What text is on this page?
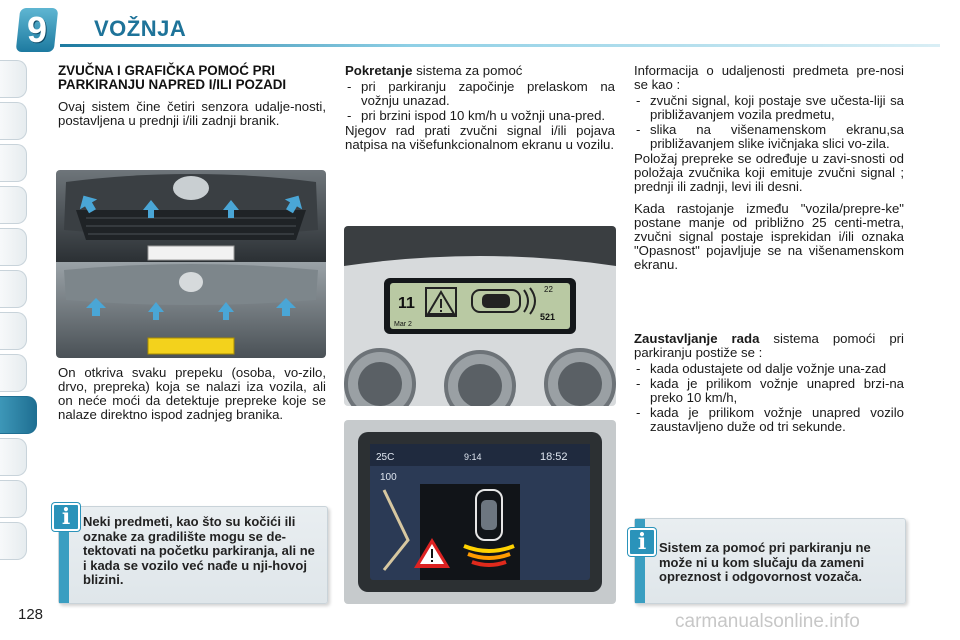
9 VOŽNJA
ZVUČNA I GRAFIČKA POMOĆ PRI PARKIRANJU NAPRED I/ILI POZADI

Ovaj sistem čine četiri senzora udalje-nosti, postavljena u prednji i/ili zadnji branik.

On otkriva svaku prepeku (osoba, vo-zilo, drvo, prepreka) koja se nalazi iza vozila, ali on neće moći da detektuje prepreke koje se nalaze direktno ispod zadnjeg branika.

Neki predmeti, kao što su kočići ili oznake za gradilište mogu se de-tektovati na početku parkiranja, ali ne i kada se vozilo već nađe u nji-hovoj blizini.
i

Pokretanje sistema za pomoć

- pri parkiranju započinje prelaskom na vožnju unazad.
- pri brzini ispod 10 km/h u vožnji una-pred.

Njegov rad prati zvučni signal i/ili pojava natpisa na višefunkcionalnom ekranu u vozilu.

11
Mar 2
22
521
25C	9:14	18:52
100

Informacija o udaljenosti predmeta pre-nosi se kao :

- zvučni signal, koji postaje sve učesta-liji sa približavanjem vozila predmetu,
- slika na višenamenskom ekranu,sa približavanjem slike ivičnjaka slici vo-zila.

Položaj prepreke se određuje u zavi-snosti od položaja zvučnika koji emituje zvučni signal ; prednji ili zadnji, levi ili desni.

Kada rastojanje između "vozila/prepre-ke" postane manje od približno 25 centi-metra, zvučni signal postaje isprekidan i/ili oznaka "Opasnost" pojavljuje se na višenamenskom ekranu.

Zaustavljanje rada sistema pomoći pri parkiranju postiže se :

- kada odustajete od dalje vožnje una-zad
- kada je prilikom vožnje unapred brzi-na preko 10 km/h,
- kada je prilikom vožnje unapred vozilo zaustavljeno duže od tri sekunde.
Sistem za pomoć pri parkiranju ne može ni u kom slučaju da zameni opreznost i odgovornost vozača.
i
128	carmanualsonline.info
